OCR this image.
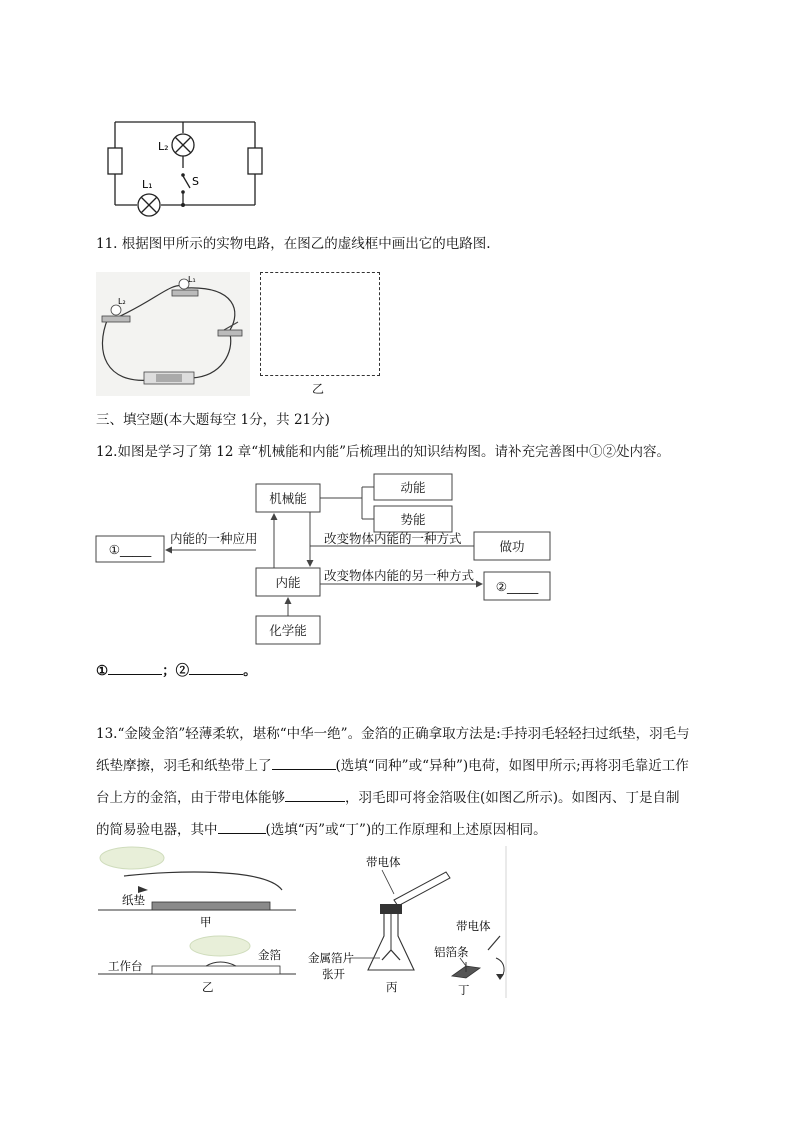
L₂
L₁	S
11. 根据图甲所示的实物电路，在图乙的虚线框中画出它的电路图.
L₁
L₂
乙
三、填空题(本大题每空 1分，共 21分)
12.如图是学习了第 12 章“机械能和内能”后梳理出的知识结构图。请补充完善图中①②处内容。
机械能
动能
势能
内能
化学能
做功
①_____
②_____
内能的一种应用	改变物体内能的一种方式
改变物体内能的另一种方式
①	；②	。
13.“金陵金箔”轻薄柔软，堪称“中华一绝”。金箔的正确拿取方法是:手持羽毛轻轻扫过纸垫，羽毛与
纸垫摩擦，羽毛和纸垫带上了	(选填“同种”或“异种”)电荷，如图甲所示;再将羽毛靠近工作
台上方的金箔，由于带电体能够	，羽毛即可将金箔吸住(如图乙所示)。如图丙、丁是自制
的简易验电器，其中	(选填“丙”或“丁”)的工作原理和上述原因相同。
纸垫
甲
工作台
金箔
乙
带电体
金属箔片
张开
丙
带电体
铝箔条
丁
